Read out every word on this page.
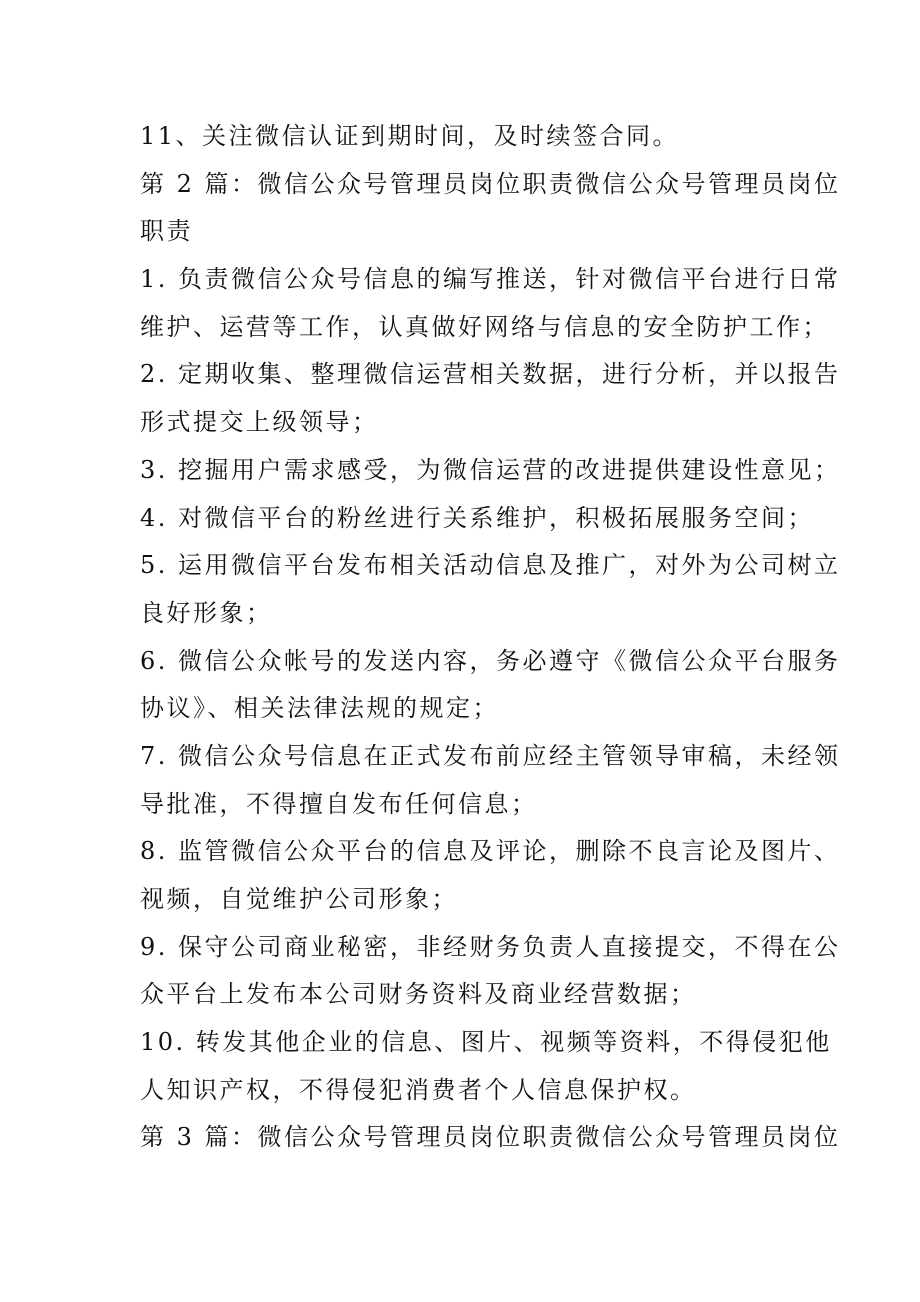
11、关注微信认证到期时间，及时续签合同。
第 2 篇：微信公众号管理员岗位职责微信公众号管理员岗位
职责
1. 负责微信公众号信息的编写推送，针对微信平台进行日常
维护、运营等工作，认真做好网络与信息的安全防护工作；
2. 定期收集、整理微信运营相关数据，进行分析，并以报告
形式提交上级领导；
3. 挖掘用户需求感受，为微信运营的改进提供建设性意见；
4. 对微信平台的粉丝进行关系维护，积极拓展服务空间；
5. 运用微信平台发布相关活动信息及推广，对外为公司树立
良好形象；
6. 微信公众帐号的发送内容，务必遵守《微信公众平台服务
协议》、相关法律法规的规定；
7. 微信公众号信息在正式发布前应经主管领导审稿，未经领
导批准，不得擅自发布任何信息；
8. 监管微信公众平台的信息及评论，删除不良言论及图片、
视频，自觉维护公司形象；
9. 保守公司商业秘密，非经财务负责人直接提交，不得在公
众平台上发布本公司财务资料及商业经营数据；
10. 转发其他企业的信息、图片、视频等资料，不得侵犯他
人知识产权，不得侵犯消费者个人信息保护权。
第 3 篇：微信公众号管理员岗位职责微信公众号管理员岗位
